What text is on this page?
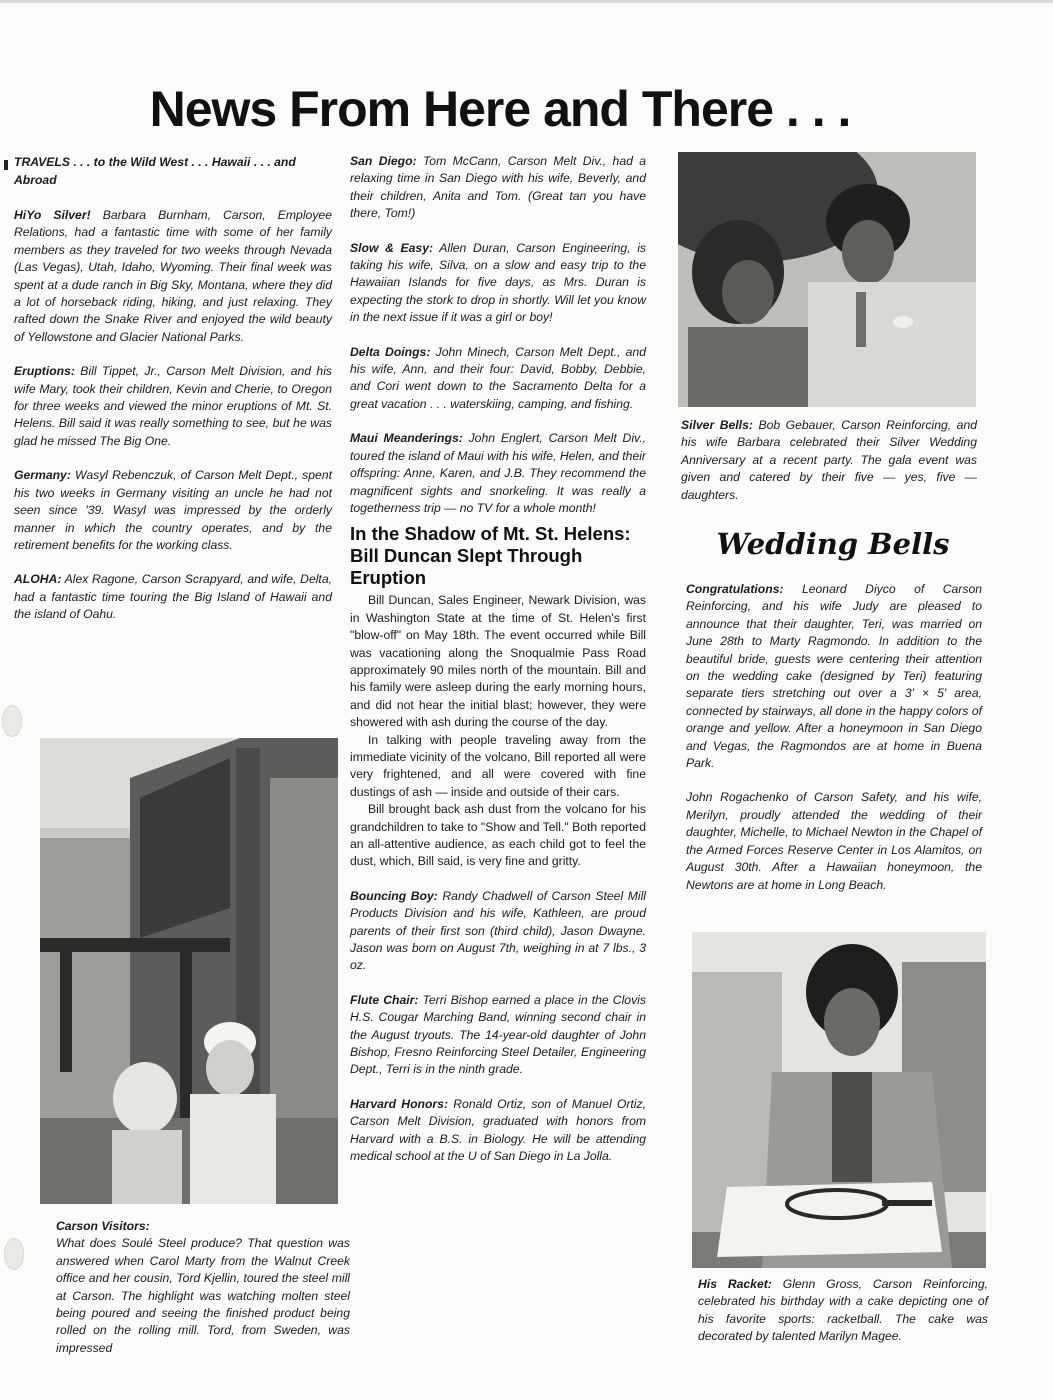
News From Here and There . . .
TRAVELS . . . to the Wild West . . . Hawaii . . . and Abroad

HiYo Silver! Barbara Burnham, Carson, Employee Relations, had a fantastic time with some of her family members as they traveled for two weeks through Nevada (Las Vegas), Utah, Idaho, Wyoming. Their final week was spent at a dude ranch in Big Sky, Montana, where they did a lot of horseback riding, hiking, and just relaxing. They rafted down the Snake River and enjoyed the wild beauty of Yellowstone and Glacier National Parks.

Eruptions: Bill Tippet, Jr., Carson Melt Division, and his wife Mary, took their children, Kevin and Cherie, to Oregon for three weeks and viewed the minor eruptions of Mt. St. Helens. Bill said it was really something to see, but he was glad he missed The Big One.

Germany: Wasyl Rebenczuk, of Carson Melt Dept., spent his two weeks in Germany visiting an uncle he had not seen since '39. Wasyl was impressed by the orderly manner in which the country operates, and by the retirement benefits for the working class.

ALOHA: Alex Ragone, Carson Scrapyard, and wife, Delta, had a fantastic time touring the Big Island of Hawaii and the island of Oahu.

Carson Visitors:
What does Soulé Steel produce? That question was answered when Carol Marty from the Walnut Creek office and her cousin, Tord Kjellin, toured the steel mill at Carson. The highlight was watching molten steel being poured and seeing the finished product being rolled on the rolling mill. Tord, from Sweden, was impressed

San Diego: Tom McCann, Carson Melt Div., had a relaxing time in San Diego with his wife, Beverly, and their children, Anita and Tom. (Great tan you have there, Tom!)

Slow & Easy: Allen Duran, Carson Engineering, is taking his wife, Silva, on a slow and easy trip to the Hawaiian Islands for five days, as Mrs. Duran is expecting the stork to drop in shortly. Will let you know in the next issue if it was a girl or boy!

Delta Doings: John Minech, Carson Melt Dept., and his wife, Ann, and their four: David, Bobby, Debbie, and Cori went down to the Sacramento Delta for a great vacation . . . waterskiing, camping, and fishing.

Maui Meanderings: John Englert, Carson Melt Div., toured the island of Maui with his wife, Helen, and their offspring: Anne, Karen, and J.B. They recommend the magnificent sights and snorkeling. It was really a togetherness trip — no TV for a whole month!

In the Shadow of Mt. St. Helens: Bill Duncan Slept Through Eruption

Bill Duncan, Sales Engineer, Newark Division, was in Washington State at the time of St. Helen's first "blow-off" on May 18th. The event occurred while Bill was vacationing along the Snoqualmie Pass Road approximately 90 miles north of the mountain. Bill and his family were asleep during the early morning hours, and did not hear the initial blast; however, they were showered with ash during the course of the day.

In talking with people traveling away from the immediate vicinity of the volcano, Bill reported all were very frightened, and all were covered with fine dustings of ash — inside and outside of their cars.

Bill brought back ash dust from the volcano for his grandchildren to take to "Show and Tell." Both reported an all-attentive audience, as each child got to feel the dust, which, Bill said, is very fine and gritty.

Bouncing Boy: Randy Chadwell of Carson Steel Mill Products Division and his wife, Kathleen, are proud parents of their first son (third child), Jason Dwayne. Jason was born on August 7th, weighing in at 7 lbs., 3 oz.

Flute Chair: Terri Bishop earned a place in the Clovis H.S. Cougar Marching Band, winning second chair in the August tryouts. The 14-year-old daughter of John Bishop, Fresno Reinforcing Steel Detailer, Engineering Dept., Terri is in the ninth grade.

Harvard Honors: Ronald Ortiz, son of Manuel Ortiz, Carson Melt Division, graduated with honors from Harvard with a B.S. in Biology. He will be attending medical school at the U of San Diego in La Jolla.

Silver Bells: Bob Gebauer, Carson Reinforcing, and his wife Barbara celebrated their Silver Wedding Anniversary at a recent party. The gala event was given and catered by their five — yes, five — daughters.
Wedding Bells

Congratulations: Leonard Diyco of Carson Reinforcing, and his wife Judy are pleased to announce that their daughter, Teri, was married on June 28th to Marty Ragmondo. In addition to the beautiful bride, guests were centering their attention on the wedding cake (designed by Teri) featuring separate tiers stretching out over a 3' × 5' area, connected by stairways, all done in the happy colors of orange and yellow. After a honeymoon in San Diego and Vegas, the Ragmondos are at home in Buena Park.

John Rogachenko of Carson Safety, and his wife, Merilyn, proudly attended the wedding of their daughter, Michelle, to Michael Newton in the Chapel of the Armed Forces Reserve Center in Los Alamitos, on August 30th. After a Hawaiian honeymoon, the Newtons are at home in Long Beach.

His Racket: Glenn Gross, Carson Reinforcing, celebrated his birthday with a cake depicting one of his favorite sports: racketball. The cake was decorated by talented Marilyn Magee.
